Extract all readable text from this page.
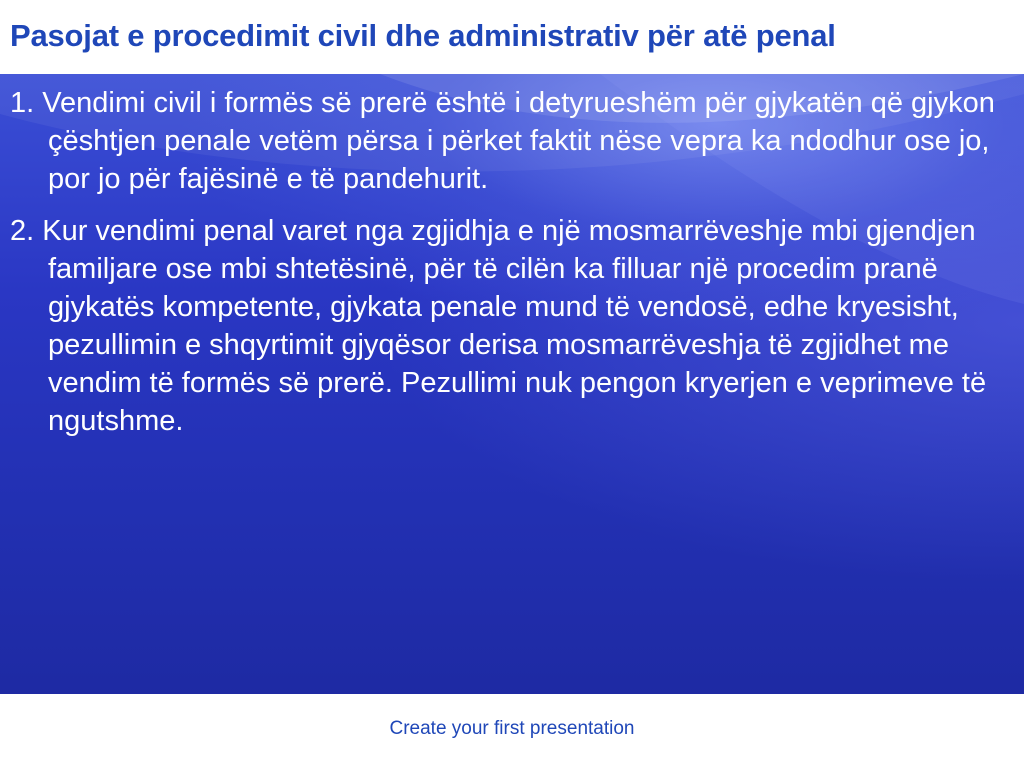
Pasojat e procedimit civil dhe administrativ për atë penal
1. Vendimi civil i formës së prerë është i detyrueshëm për gjykatën që gjykon çështjen penale vetëm përsa i përket faktit nëse vepra ka ndodhur ose jo, por jo për fajësinë e të pandehurit.
2. Kur vendimi penal varet nga zgjidhja e një mosmarrëveshje mbi gjendjen familjare ose mbi shtetësinë, për të cilën ka filluar një procedim pranë gjykatës kompetente, gjykata penale mund të vendosë, edhe kryesisht, pezullimin e shqyrtimit gjyqësor derisa mosmarrëveshja të zgjidhet me vendim të formës së prerë. Pezullimi nuk pengon kryerjen e veprimeve të ngutshme.
Create your first presentation
